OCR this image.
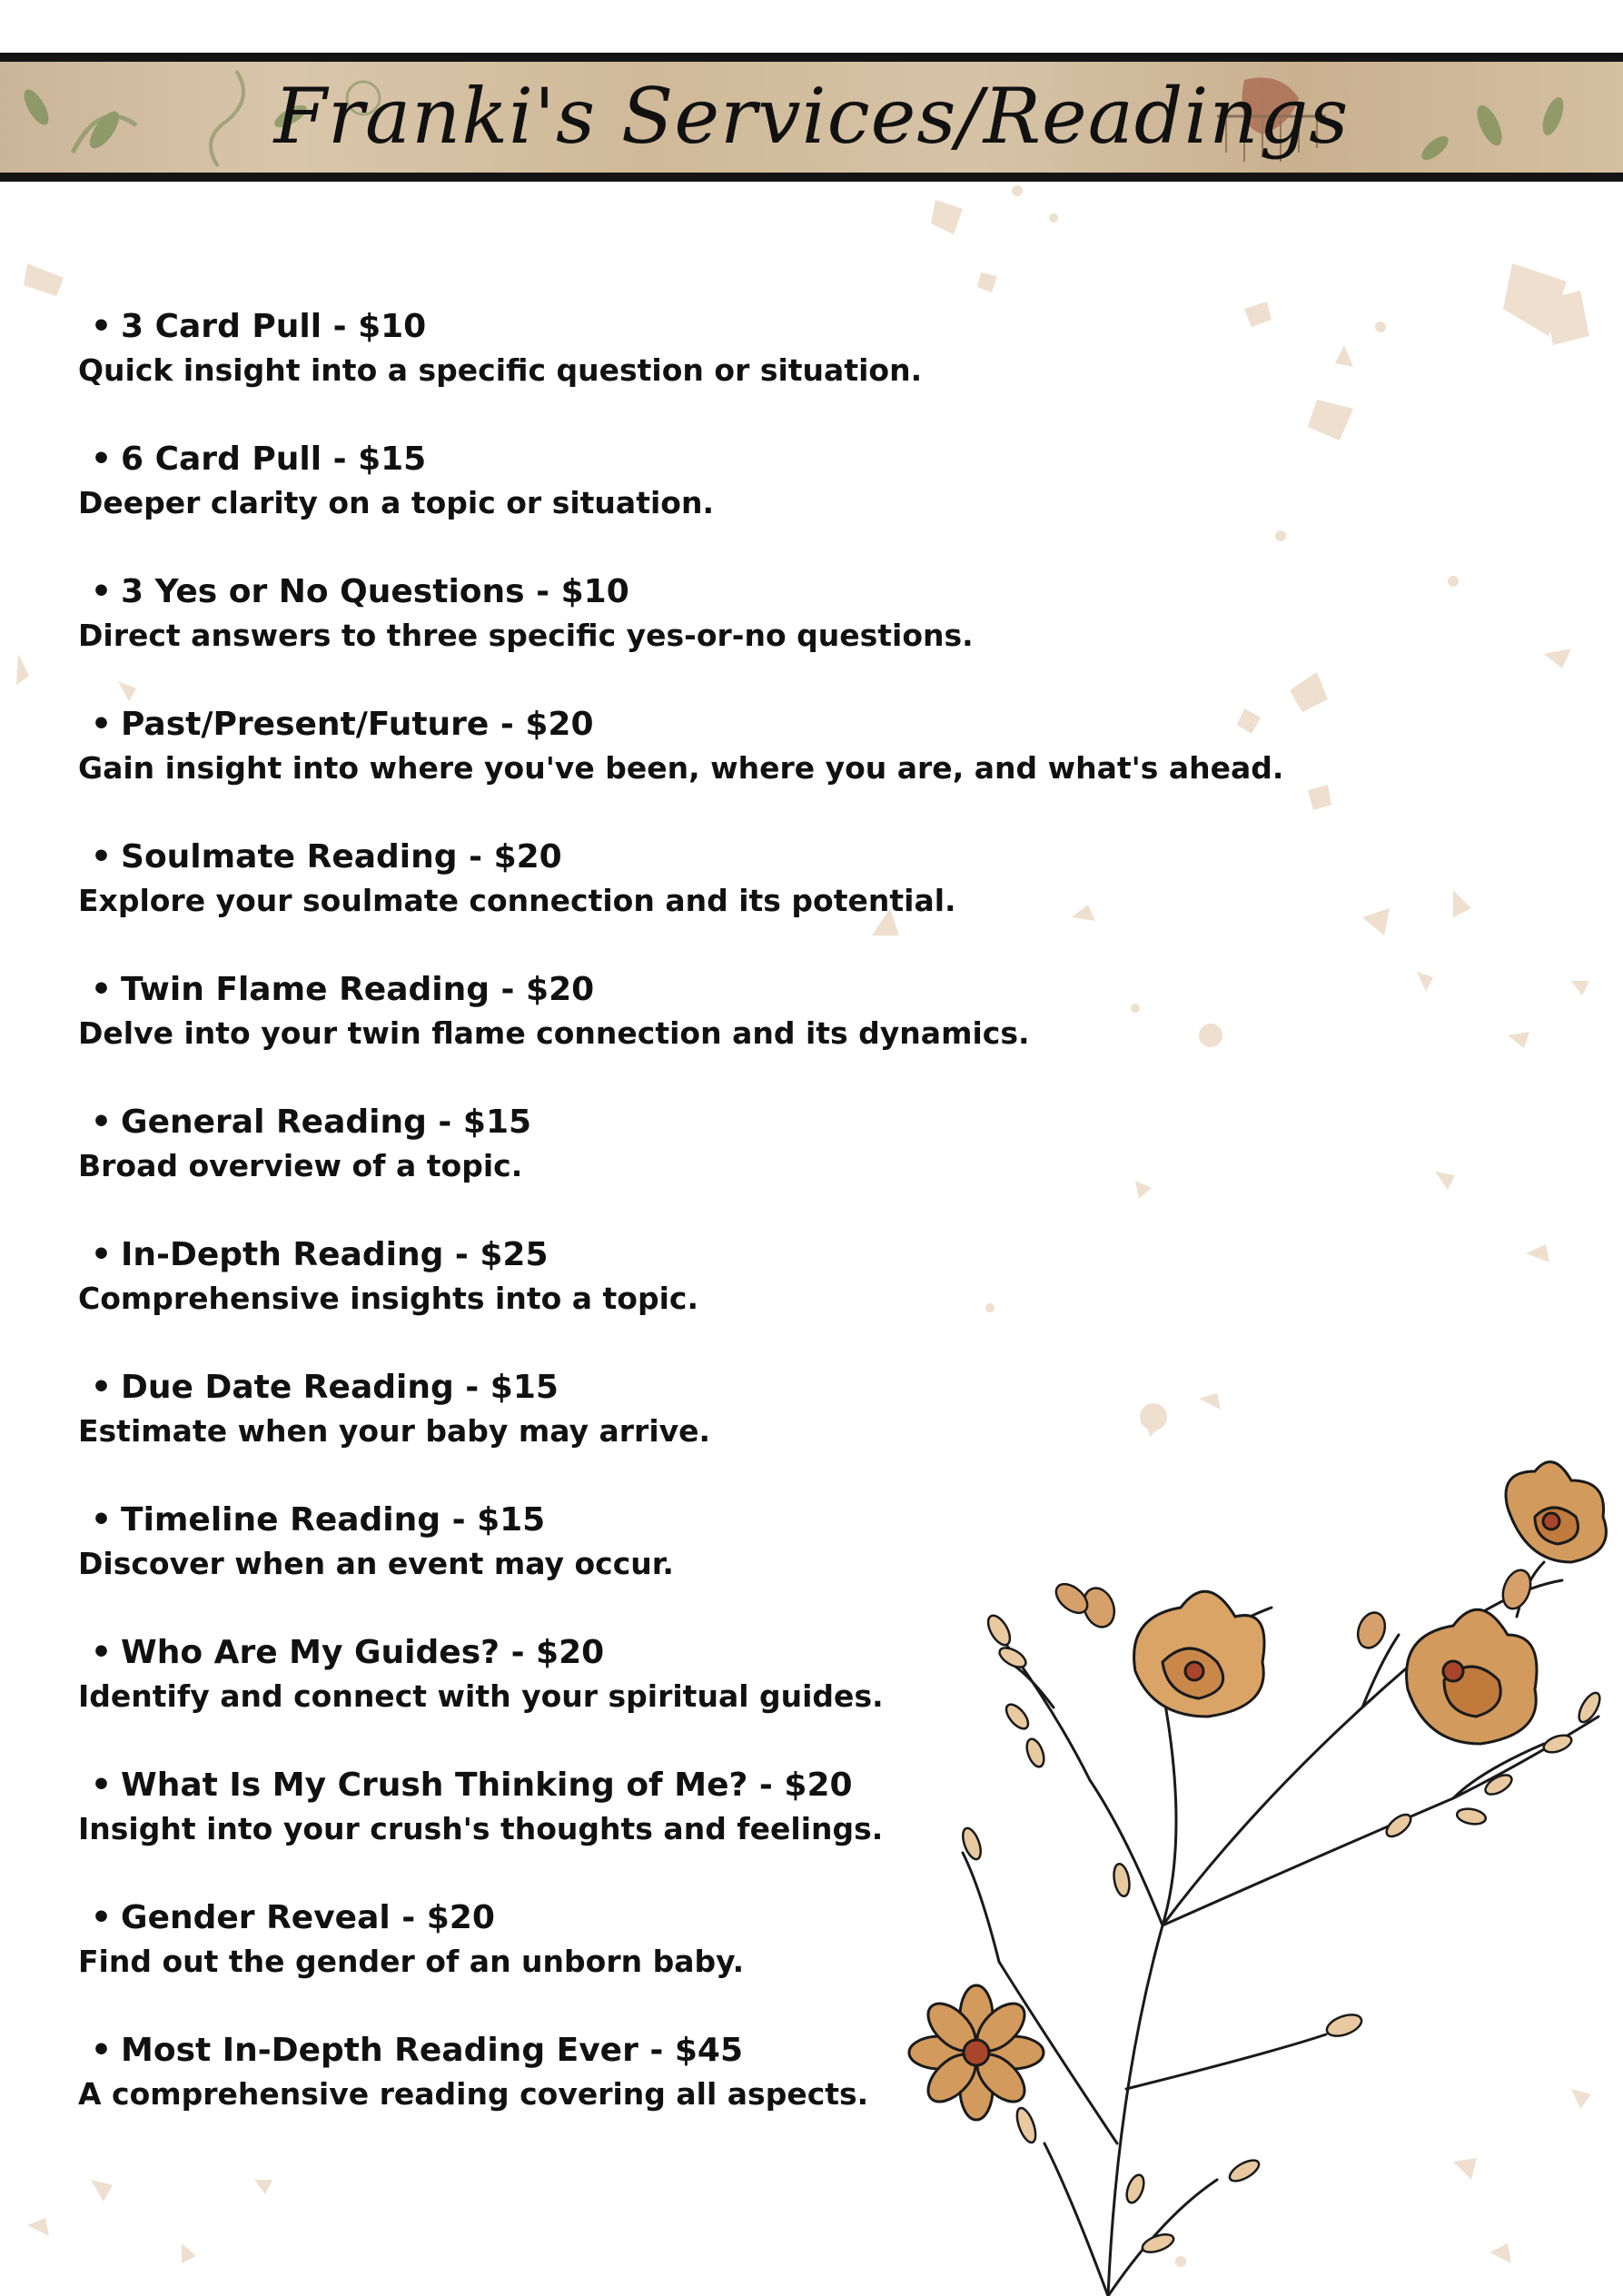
Franki's Services/Readings
• 3 Card Pull - $10
Quick insight into a specific question or situation.
• 6 Card Pull - $15
Deeper clarity on a topic or situation.
• 3 Yes or No Questions - $10
Direct answers to three specific yes-or-no questions.
• Past/Present/Future - $20
Gain insight into where you've been, where you are, and what's ahead.
• Soulmate Reading - $20
Explore your soulmate connection and its potential.
• Twin Flame Reading - $20
Delve into your twin flame connection and its dynamics.
• General Reading - $15
Broad overview of a topic.
• In-Depth Reading - $25
Comprehensive insights into a topic.
• Due Date Reading - $15
Estimate when your baby may arrive.
• Timeline Reading - $15
Discover when an event may occur.
• Who Are My Guides? - $20
Identify and connect with your spiritual guides.
• What Is My Crush Thinking of Me? - $20
Insight into your crush's thoughts and feelings.
• Gender Reveal - $20
Find out the gender of an unborn baby.
• Most In-Depth Reading Ever - $45
A comprehensive reading covering all aspects.
